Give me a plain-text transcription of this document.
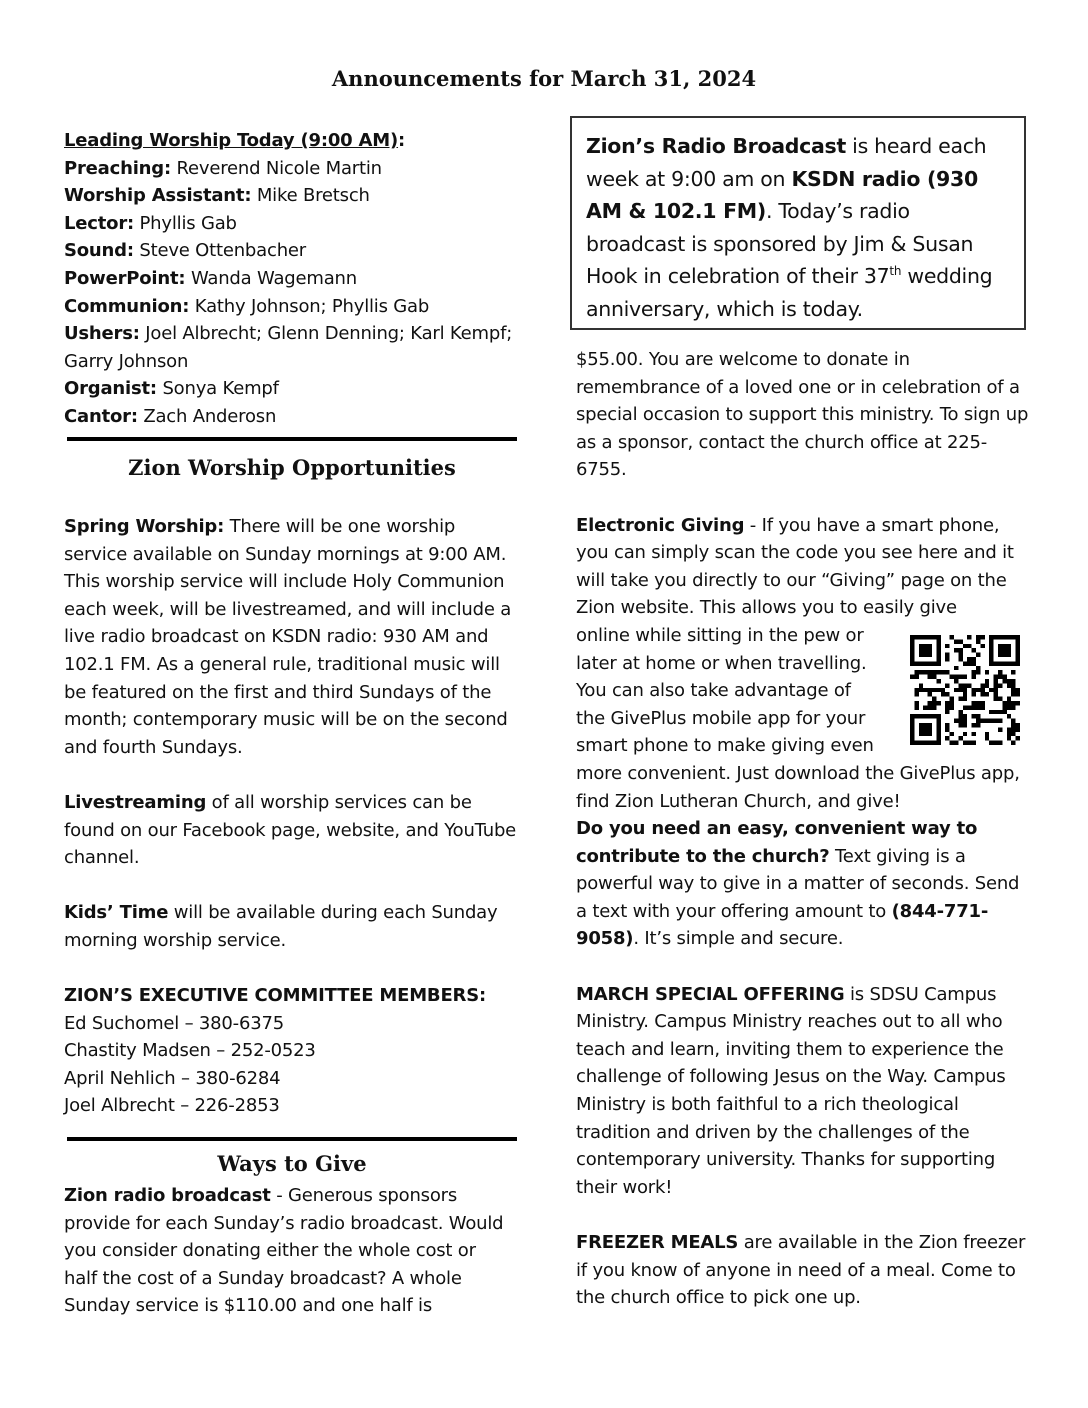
Announcements for March 31, 2024
Leading Worship Today (9:00 AM):
Preaching: Reverend Nicole Martin
Worship Assistant: Mike Bretsch
Lector: Phyllis Gab
Sound: Steve Ottenbacher
PowerPoint: Wanda Wagemann
Communion: Kathy Johnson; Phyllis Gab
Ushers: Joel Albrecht; Glenn Denning; Karl Kempf; Garry Johnson
Organist: Sonya Kempf
Cantor: Zach Anderosn
Zion Worship Opportunities

Spring Worship: There will be one worship service available on Sunday mornings at 9:00 AM. This worship service will include Holy Communion each week, will be livestreamed, and will include a live radio broadcast on KSDN radio: 930 AM and 102.1 FM. As a general rule, traditional music will be featured on the first and third Sundays of the month; contemporary music will be on the second and fourth Sundays.

Livestreaming of all worship services can be found on our Facebook page, website, and YouTube channel.

Kids’ Time will be available during each Sunday morning worship service.

ZION’S EXECUTIVE COMMITTEE MEMBERS:

Ed Suchomel – 380-6375
Chastity Madsen – 252-0523
April Nehlich – 380-6284
Joel Albrecht – 226-2853
Ways to Give

Zion radio broadcast - Generous sponsors provide for each Sunday’s radio broadcast. Would you consider donating either the whole cost or half the cost of a Sunday broadcast? A whole Sunday service is $110.00 and one half is

Zion’s Radio Broadcast is heard each week at 9:00 am on KSDN radio (930 AM & 102.1 FM). Today’s radio broadcast is sponsored by Jim & Susan Hook in celebration of their 37th wedding anniversary, which is today.

$55.00. You are welcome to donate in remembrance of a loved one or in celebration of a special occasion to support this ministry. To sign up as a sponsor, contact the church office at 225-6755.

Electronic Giving - If you have a smart phone, you can simply scan the code you see here and it will take you directly to our “Giving” page on the Zion website. This allows you to easily give

online while sitting in the pew or
later at home or when travelling.
You can also take advantage of
the GivePlus mobile app for your
smart phone to make giving even

more convenient. Just download the GivePlus app, find Zion Lutheran Church, and give!

Do you need an easy, convenient way to contribute to the church? Text giving is a powerful way to give in a matter of seconds. Send a text with your offering amount to (844-771-9058). It’s simple and secure.

MARCH SPECIAL OFFERING is SDSU Campus Ministry. Campus Ministry reaches out to all who teach and learn, inviting them to experience the challenge of following Jesus on the Way. Campus Ministry is both faithful to a rich theological tradition and driven by the challenges of the contemporary university. Thanks for supporting their work!

FREEZER MEALS are available in the Zion freezer if you know of anyone in need of a meal. Come to the church office to pick one up.
